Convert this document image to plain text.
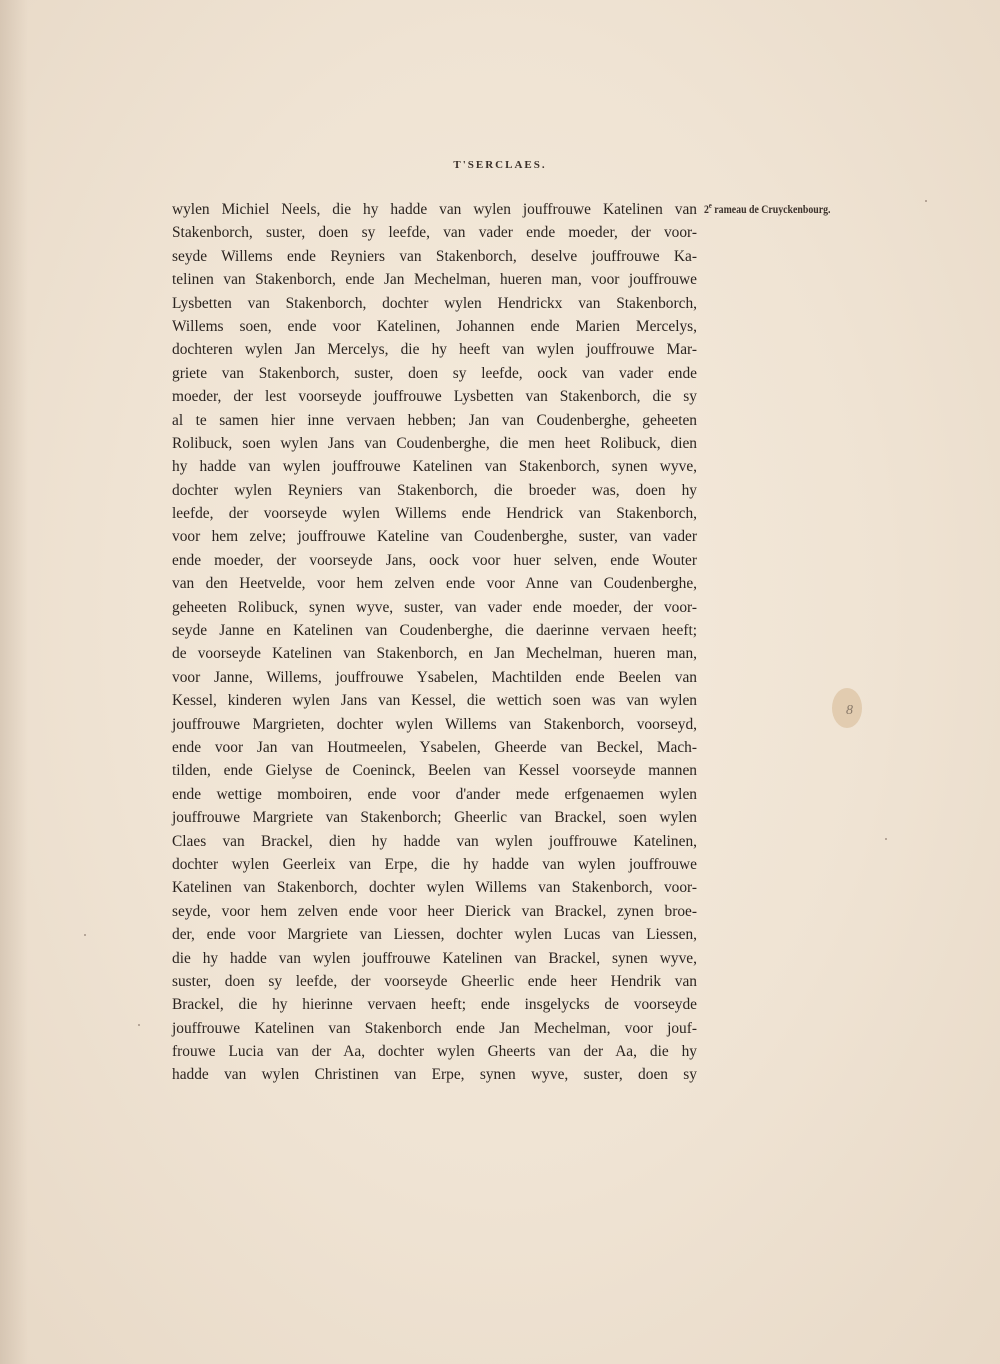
T'SERCLAES.
2e rameau de Cruyckenbourg.
wylen Michiel Neels, die hy hadde van wylen jouffrouwe Katelinen van
Stakenborch, suster, doen sy leefde, van vader ende moeder, der voor-
seyde Willems ende Reyniers van Stakenborch, deselve jouffrouwe Ka-
telinen van Stakenborch, ende Jan Mechelman, hueren man, voor jouffrouwe
Lysbetten van Stakenborch, dochter wylen Hendrickx van Stakenborch,
Willems soen, ende voor Katelinen, Johannen ende Marien Mercelys,
dochteren wylen Jan Mercelys, die hy heeft van wylen jouffrouwe Mar-
griete van Stakenborch, suster, doen sy leefde, oock van vader ende
moeder, der lest voorseyde jouffrouwe Lysbetten van Stakenborch, die sy
al te samen hier inne vervaen hebben; Jan van Coudenberghe, geheeten
Rolibuck, soen wylen Jans van Coudenberghe, die men heet Rolibuck, dien
hy hadde van wylen jouffrouwe Katelinen van Stakenborch, synen wyve,
dochter wylen Reyniers van Stakenborch, die broeder was, doen hy
leefde, der voorseyde wylen Willems ende Hendrick van Stakenborch,
voor hem zelve; jouffrouwe Kateline van Coudenberghe, suster, van vader
ende moeder, der voorseyde Jans, oock voor huer selven, ende Wouter
van den Heetvelde, voor hem zelven ende voor Anne van Coudenberghe,
geheeten Rolibuck, synen wyve, suster, van vader ende moeder, der voor-
seyde Janne en Katelinen van Coudenberghe, die daerinne vervaen heeft;
de voorseyde Katelinen van Stakenborch, en Jan Mechelman, hueren man,
voor Janne, Willems, jouffrouwe Ysabelen, Machtilden ende Beelen van
Kessel, kinderen wylen Jans van Kessel, die wettich soen was van wylen
jouffrouwe Margrieten, dochter wylen Willems van Stakenborch, voorseyd,
ende voor Jan van Houtmeelen, Ysabelen, Gheerde van Beckel, Mach-
tilden, ende Gielyse de Coeninck, Beelen van Kessel voorseyde mannen
ende wettige momboiren, ende voor d'ander mede erfgenaemen wylen
jouffrouwe Margriete van Stakenborch; Gheerlic van Brackel, soen wylen
Claes van Brackel, dien hy hadde van wylen jouffrouwe Katelinen,
dochter wylen Geerleix van Erpe, die hy hadde van wylen jouffrouwe
Katelinen van Stakenborch, dochter wylen Willems van Stakenborch, voor-
seyde, voor hem zelven ende voor heer Dierick van Brackel, zynen broe-
der, ende voor Margriete van Liessen, dochter wylen Lucas van Liessen,
die hy hadde van wylen jouffrouwe Katelinen van Brackel, synen wyve,
suster, doen sy leefde, der voorseyde Gheerlic ende heer Hendrik van
Brackel, die hy hierinne vervaen heeft; ende insgelycks de voorseyde
jouffrouwe Katelinen van Stakenborch ende Jan Mechelman, voor jouf-
frouwe Lucia van der Aa, dochter wylen Gheerts van der Aa, die hy
hadde van wylen Christinen van Erpe, synen wyve, suster, doen sy
8
